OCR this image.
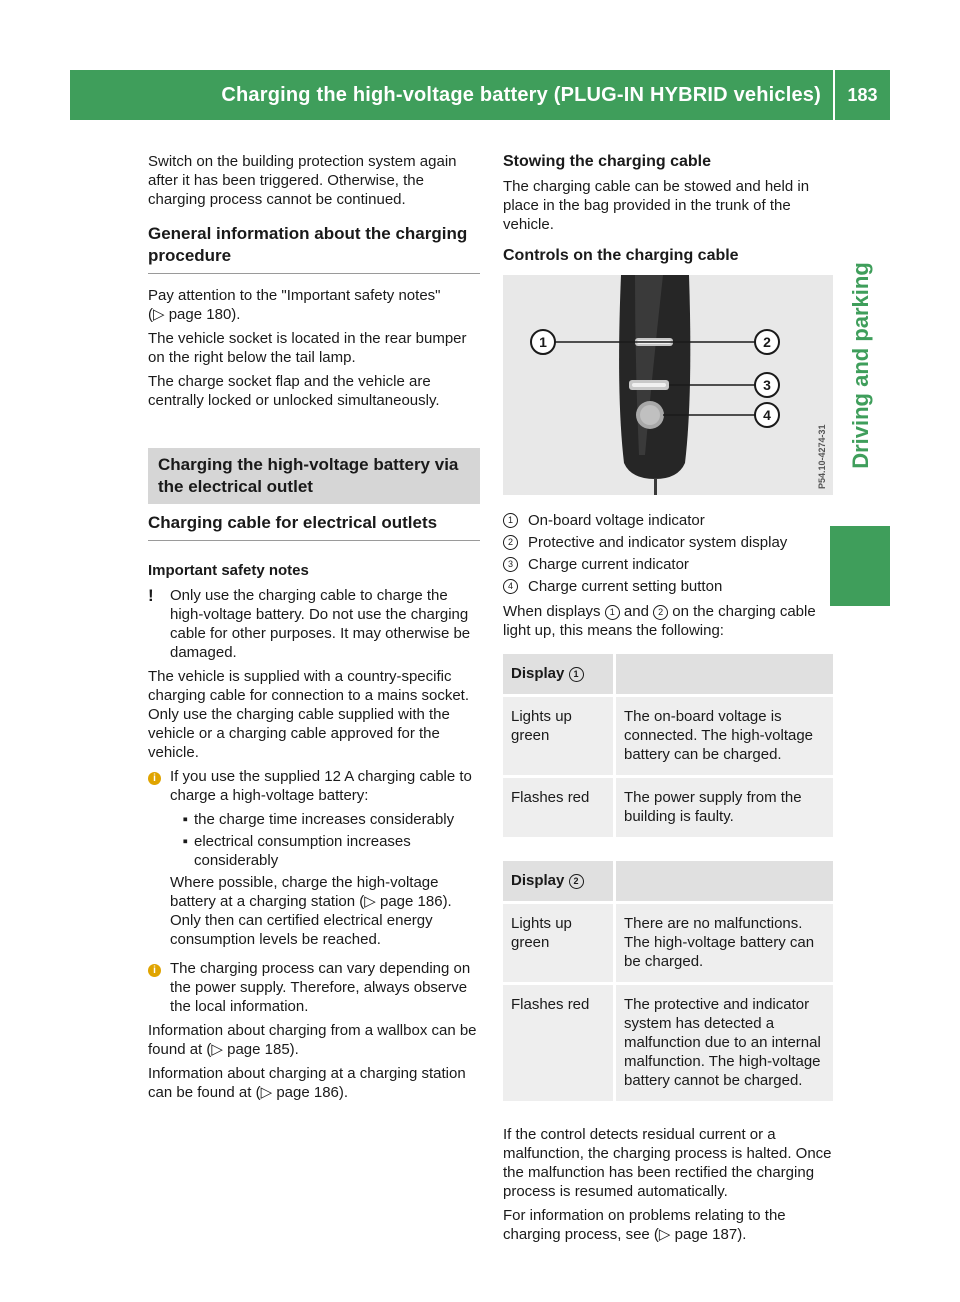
Charging the high-voltage battery (PLUG-IN HYBRID vehicles)	183
Driving and parking

Switch on the building protection system again after it has been triggered. Otherwise, the charging process cannot be continued.

General information about the charging procedure

Pay attention to the "Important safety notes"
(▷ page 180).

The vehicle socket is located in the rear bumper on the right below the tail lamp.

The charge socket flap and the vehicle are centrally locked or unlocked simultaneously.

Charging the high-voltage battery via the electrical outlet
Charging cable for electrical outlets
Important safety notes
!	Only use the charging cable to charge the high-voltage battery. Do not use the charging cable for other purposes. It may otherwise be damaged.

The vehicle is supplied with a country-specific charging cable for connection to a mains socket. Only use the charging cable supplied with the vehicle or a charging cable approved for the vehicle.

i If you use the supplied 12 A charging cable to charge a high-voltage battery:

▪ the charge time increases considerably
▪ electrical consumption increases considerably

Where possible, charge the high-voltage battery at a charging station (▷ page 186). Only then can certified electrical energy consumption levels be reached.

i The charging process can vary depending on the power supply. Therefore, always observe the local information.

Information about charging from a wallbox can be found at (▷ page 185).

Information about charging at a charging station can be found at (▷ page 186).

Stowing the charging cable

The charging cable can be stowed and held in place in the bag provided in the trunk of the vehicle.

Controls on the charging cable
1	2
3
4
P54.10-4274-31
1	On-board voltage indicator
2	Protective and indicator system display
3	Charge current indicator
4	Charge current setting button

When displays 1 and 2 on the charging cable light up, this means the following:

Display 1	
Lights up green	The on-board voltage is connected. The high-voltage battery can be charged.
Flashes red	The power supply from the building is faulty.
Display 2	
Lights up green	There are no malfunctions. The high-voltage battery can be charged.
Flashes red	The protective and indicator system has detected a malfunction due to an internal malfunction. The high-voltage battery cannot be charged.

If the control detects residual current or a malfunction, the charging process is halted. Once the malfunction has been rectified the charging process is resumed automatically.

For information on problems relating to the charging process, see (▷ page 187).
